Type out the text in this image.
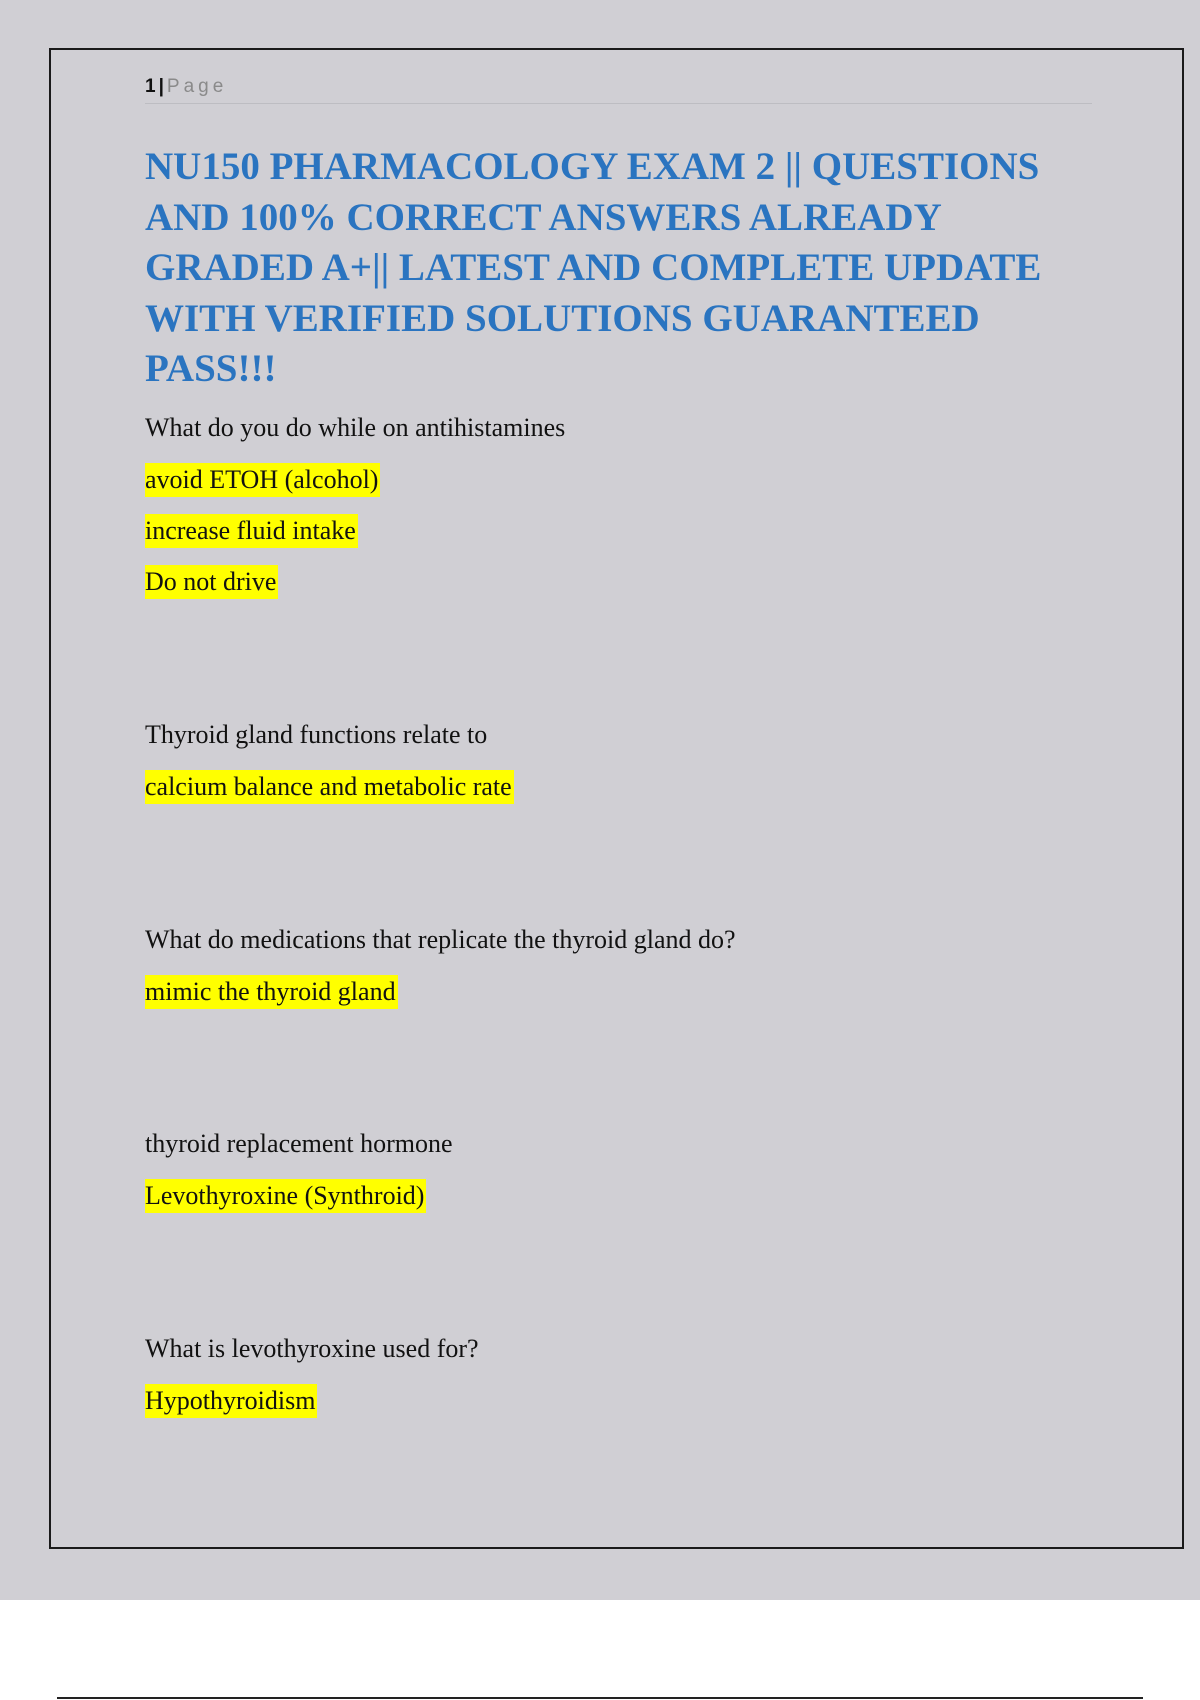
1 | Page
NU150 PHARMACOLOGY EXAM 2 || QUESTIONS AND 100% CORRECT ANSWERS ALREADY GRADED A+|| LATEST AND COMPLETE UPDATE WITH VERIFIED SOLUTIONS GUARANTEED PASS!!!
What do you do while on antihistamines
avoid ETOH (alcohol)
increase fluid intake
Do not drive
Thyroid gland functions relate to
calcium balance and metabolic rate
What do medications that replicate the thyroid gland do?
mimic the thyroid gland
thyroid replacement hormone
Levothyroxine (Synthroid)
What is levothyroxine used for?
Hypothyroidism
